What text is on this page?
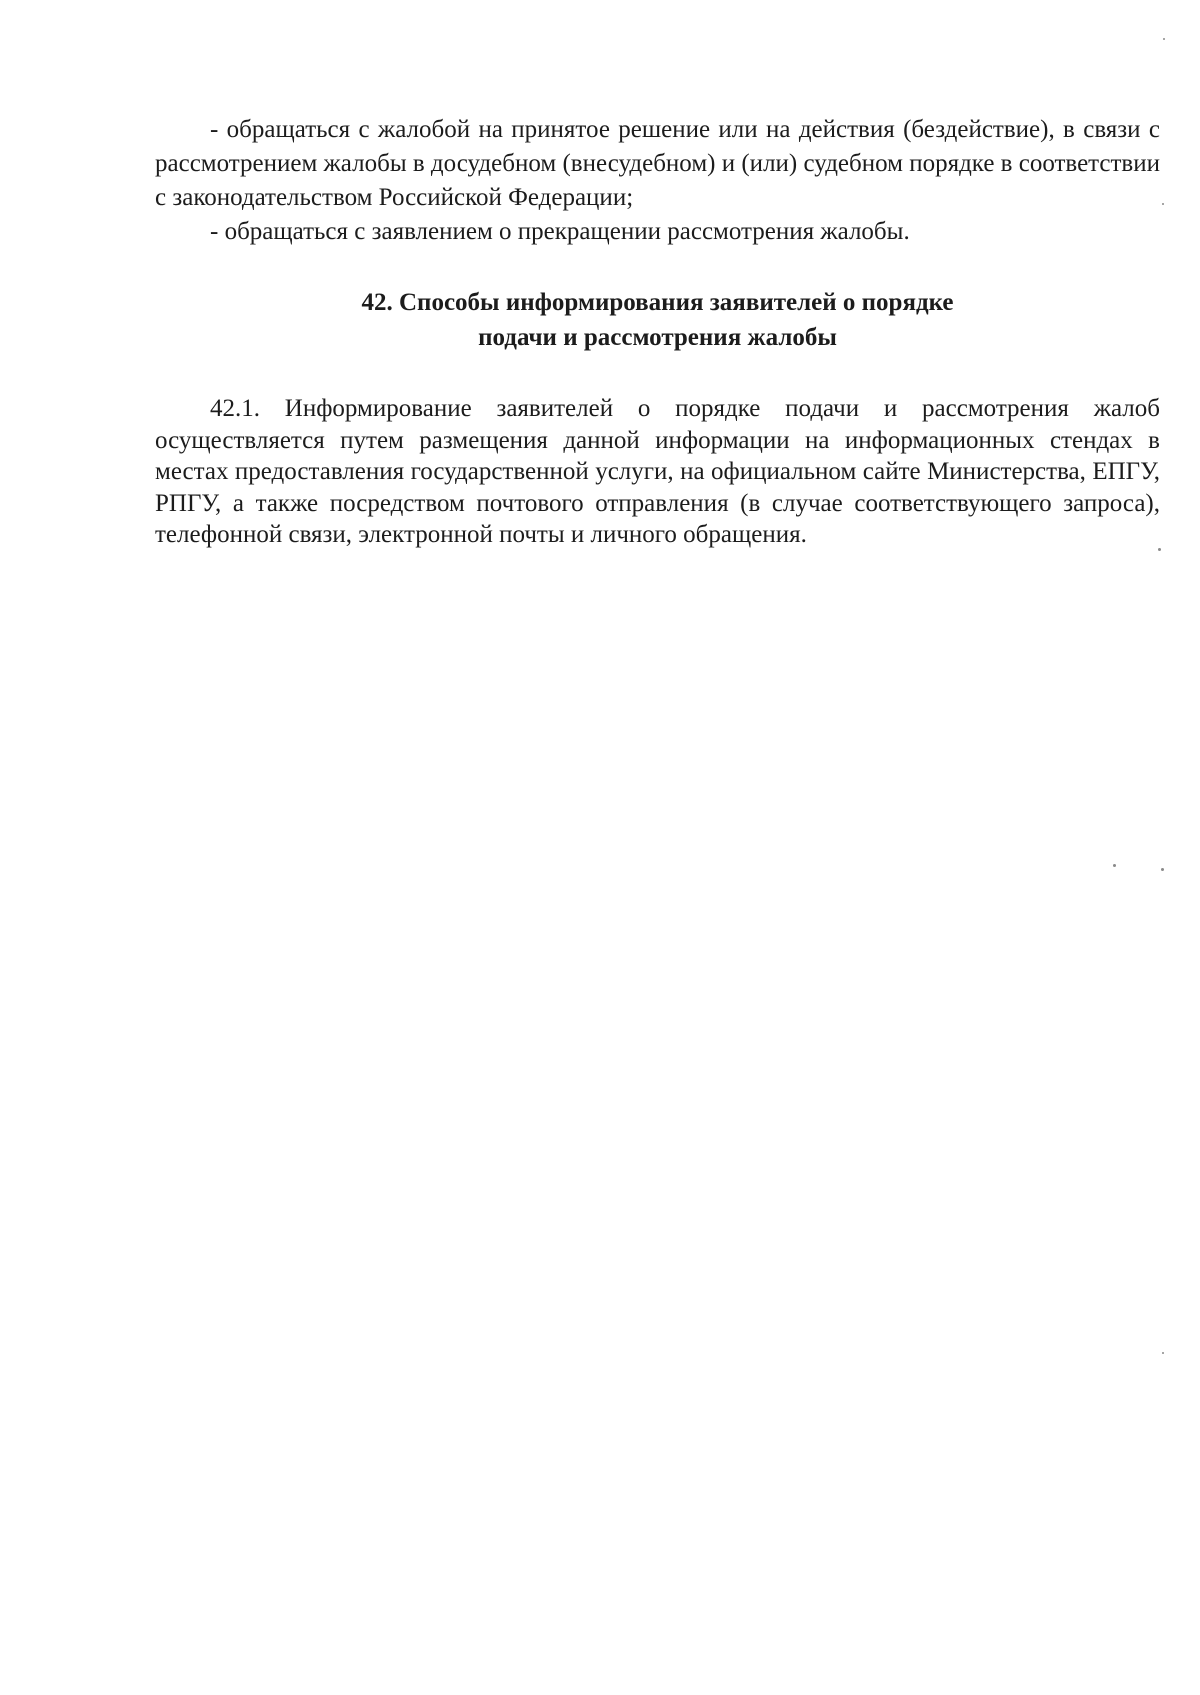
- обращаться с жалобой на принятое решение или на действия (бездействие), в связи с рассмотрением жалобы в досудебном (внесудебном) и (или) судебном порядке в соответствии с законодательством Российской Федерации;

- обращаться с заявлением о прекращении рассмотрения жалобы.

42. Способы информирования заявителей о порядке
подачи и рассмотрения жалобы

42.1. Информирование заявителей о порядке подачи и рассмотрения жалоб осуществляется путем размещения данной информации на информационных стендах в местах предоставления государственной услуги, на официальном сайте Министерства, ЕПГУ, РПГУ, а также посредством почтового отправления (в случае соответствующего запроса), телефонной связи, электронной почты и личного обращения.
